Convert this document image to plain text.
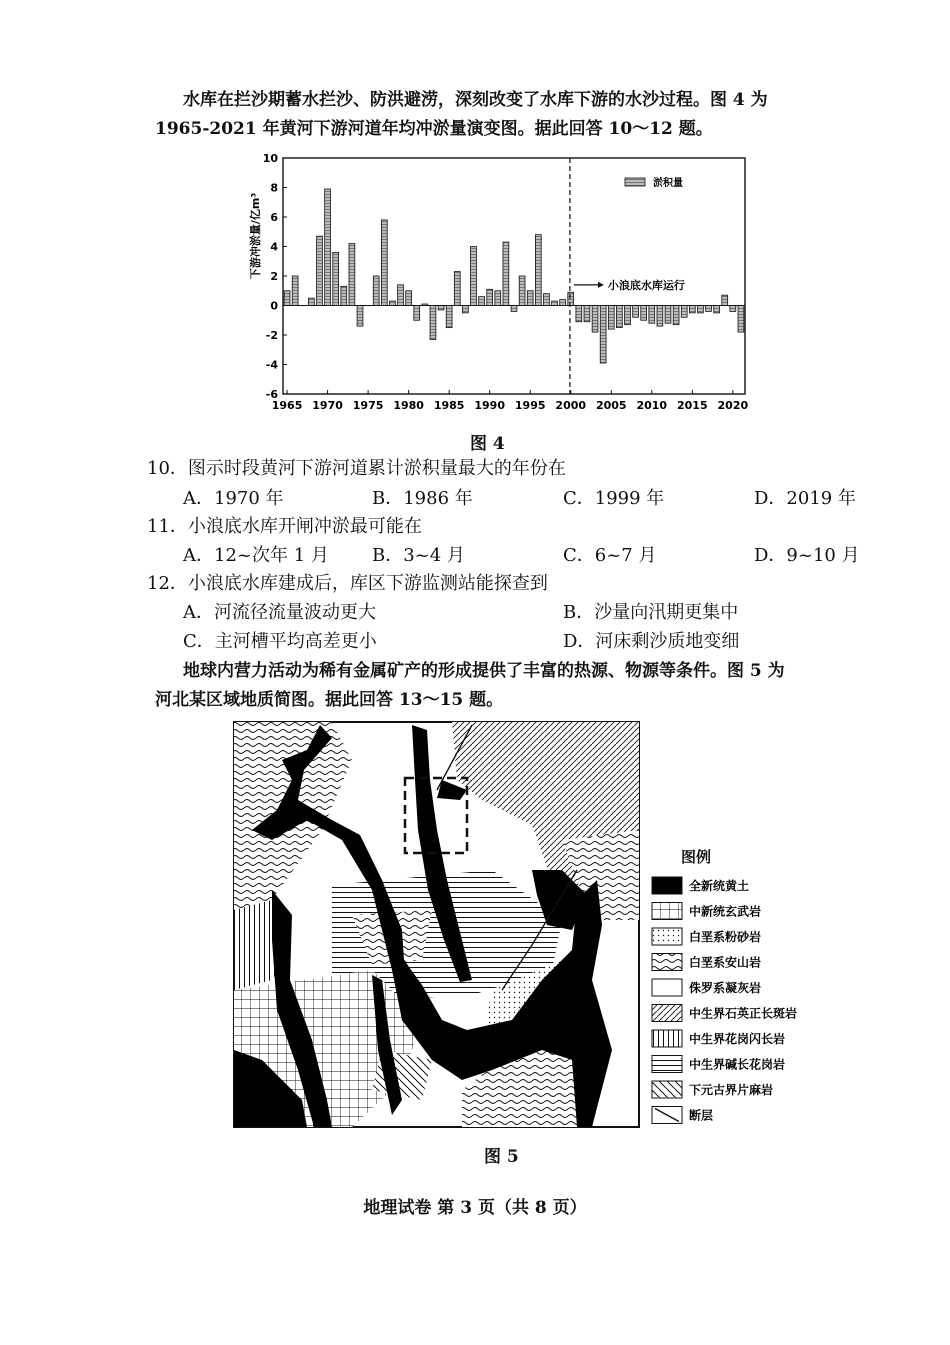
水库在拦沙期蓄水拦沙、防洪避涝，深刻改变了水库下游的水沙过程。图 4 为
1965-2021 年黄河下游河道年均冲淤量演变图。据此回答 10～12 题。
10
8
6
4
2
0
-2
-4
-6
1965 1970 1975 1980 1985 1990 1995 2000 2005 2010 2015 2020
小浪底水库运行
淤积量
下游冲淤量/亿m³
图 4
10．图示时段黄河下游河道累计淤积量最大的年份在
A．1970 年	B．1986 年	C．1999 年	D．2019 年
11．小浪底水库开闸冲淤最可能在
A．12~次年 1 月 B．3~4 月	C．6~7 月	D．9~10 月
12．小浪底水库建成后，库区下游监测站能探查到
A．河流径流量波动更大	B．沙量向汛期更集中
C．主河槽平均高差更小	D．河床剩沙质地变细
地球内营力活动为稀有金属矿产的形成提供了丰富的热源、物源等条件。图 5 为
河北某区域地质简图。据此回答 13～15 题。
图例
全新统黄土
中新统玄武岩
白垩系粉砂岩
白垩系安山岩
侏罗系凝灰岩
中生界石英正长斑岩
中生界花岗闪长岩
中生界碱长花岗岩
下元古界片麻岩
断层
图 5
地理试卷 第 3 页（共 8 页）
